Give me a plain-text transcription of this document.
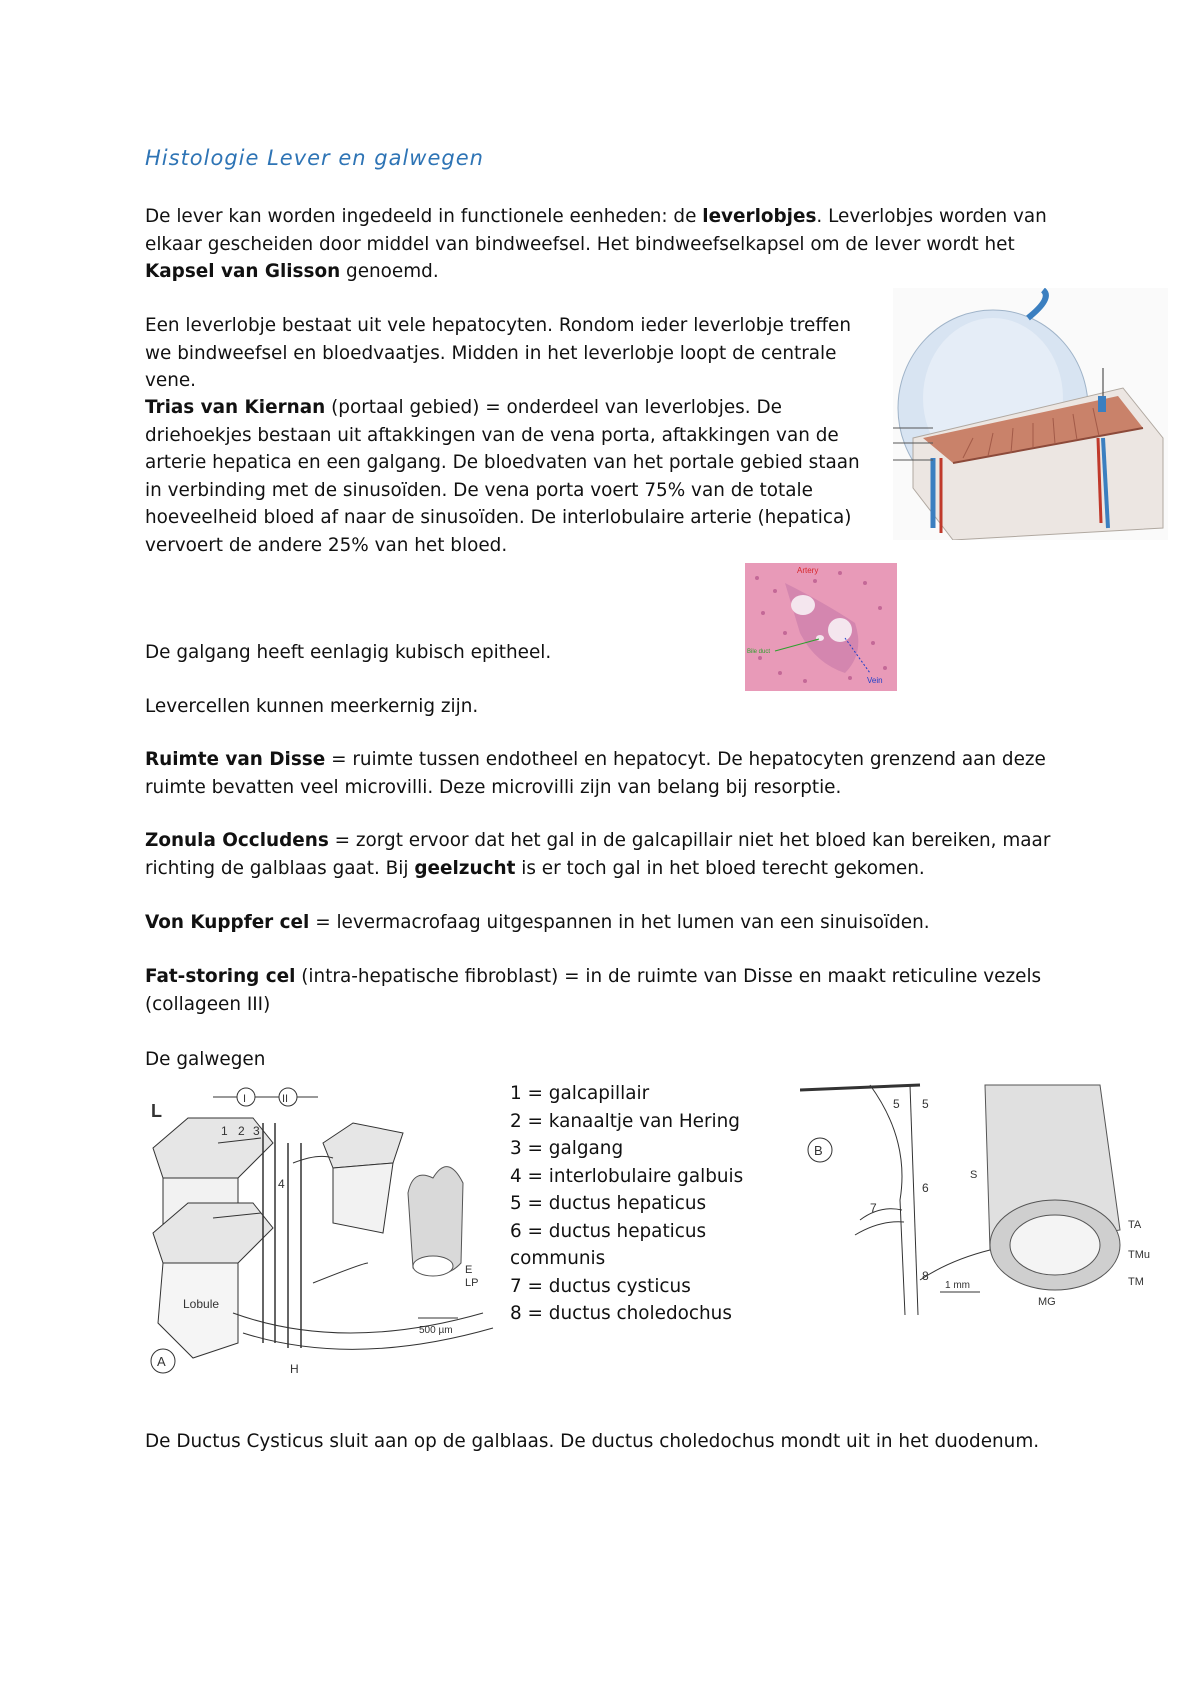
Histologie Lever en galwegen

De lever kan worden ingedeeld in functionele eenheden: de leverlobjes. Leverlobjes worden van elkaar gescheiden door middel van bindweefsel. Het bindweefselkapsel om de lever wordt het Kapsel van Glisson genoemd.

Een leverlobje bestaat uit vele hepatocyten. Rondom ieder leverlobje treffen we bindweefsel en bloedvaatjes. Midden in het leverlobje loopt de centrale vene.

Trias van Kiernan (portaal gebied) = onderdeel van leverlobjes. De driehoekjes bestaan uit aftakkingen van de vena porta, aftakkingen van de arterie hepatica en een galgang. De bloedvaten van het portale gebied staan in verbinding met de sinusoïden. De vena porta voert 75% van de totale hoeveelheid bloed af naar de sinusoïden. De interlobulaire arterie (hepatica) vervoert de andere 25% van het bloed.

De galgang heeft eenlagig kubisch epitheel.

Levercellen kunnen meerkernig zijn.

Ruimte van Disse = ruimte tussen endotheel en hepatocyt. De hepatocyten grenzend aan deze ruimte bevatten veel microvilli. Deze microvilli zijn van belang bij resorptie.

Zonula Occludens = zorgt ervoor dat het gal in de galcapillair niet het bloed kan bereiken, maar richting de galblaas gaat. Bij geelzucht is er toch gal in het bloed terecht gekomen.

Von Kuppfer cel = levermacrofaag uitgespannen in het lumen van een sinuisoïden.

Fat-storing cel (intra-hepatische fibroblast) = in de ruimte van Disse en maakt reticuline vezels (collageen III)

De galwegen

1 = galcapillair
2 = kanaaltje van Hering
3 = galgang
4 = interlobulaire galbuis
5 = ductus hepaticus
6 = ductus hepaticus communis
7 = ductus cysticus
8 = ductus choledochus

De Ductus Cysticus sluit aan op de galblaas. De ductus choledochus mondt uit in het duodenum.

Artery
Bile duct
Vein
L
I	II
1 2 3
4
Lobule
A	H
E
LP
500 µm
5 5
6
7
8
B
S
TA
TMu
TM
MG
1 mm
